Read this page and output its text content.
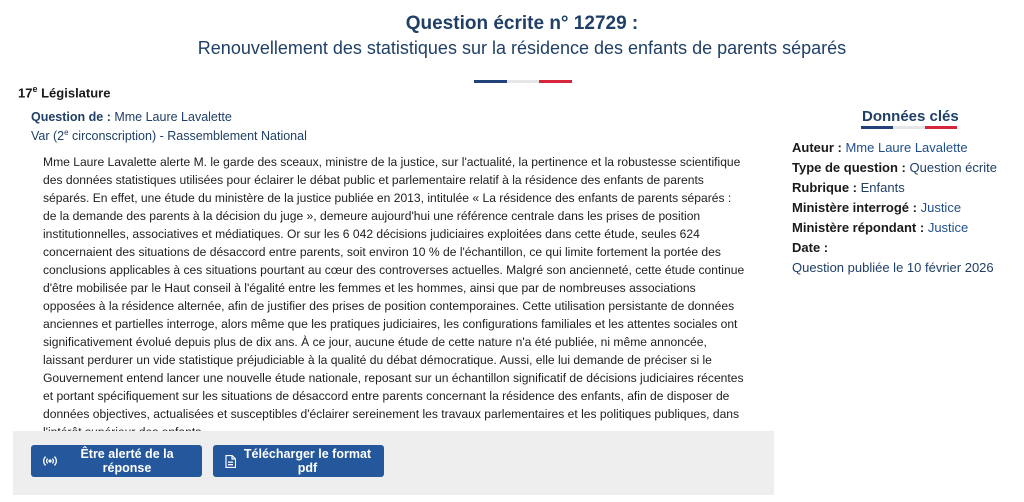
Question écrite n° 12729 :
Renouvellement des statistiques sur la résidence des enfants de parents séparés
17e Législature
Question de : Mme Laure Lavalette
Var (2e circonscription) - Rassemblement National
Mme Laure Lavalette alerte M. le garde des sceaux, ministre de la justice, sur l'actualité, la pertinence et la robustesse scientifique des données statistiques utilisées pour éclairer le débat public et parlementaire relatif à la résidence des enfants de parents séparés. En effet, une étude du ministère de la justice publiée en 2013, intitulée « La résidence des enfants de parents séparés : de la demande des parents à la décision du juge », demeure aujourd'hui une référence centrale dans les prises de position institutionnelles, associatives et médiatiques. Or sur les 6 042 décisions judiciaires exploitées dans cette étude, seules 624 concernaient des situations de désaccord entre parents, soit environ 10 % de l'échantillon, ce qui limite fortement la portée des conclusions applicables à ces situations pourtant au cœur des controverses actuelles. Malgré son ancienneté, cette étude continue d'être mobilisée par le Haut conseil à l'égalité entre les femmes et les hommes, ainsi que par de nombreuses associations opposées à la résidence alternée, afin de justifier des prises de position contemporaines. Cette utilisation persistante de données anciennes et partielles interroge, alors même que les pratiques judiciaires, les configurations familiales et les attentes sociales ont significativement évolué depuis plus de dix ans. À ce jour, aucune étude de cette nature n'a été publiée, ni même annoncée, laissant perdurer un vide statistique préjudiciable à la qualité du débat démocratique. Aussi, elle lui demande de préciser si le Gouvernement entend lancer une nouvelle étude nationale, reposant sur un échantillon significatif de décisions judiciaires récentes et portant spécifiquement sur les situations de désaccord entre parents concernant la résidence des enfants, afin de disposer de données objectives, actualisées et susceptibles d'éclairer sereinement les travaux parlementaires et les politiques publiques, dans
Être alerté de la réponse
Télécharger le format pdf
Données clés
Auteur : Mme Laure Lavalette
Type de question : Question écrite
Rubrique : Enfants
Ministère interrogé : Justice
Ministère répondant : Justice
Date :
Question publiée le 10 février 2026
